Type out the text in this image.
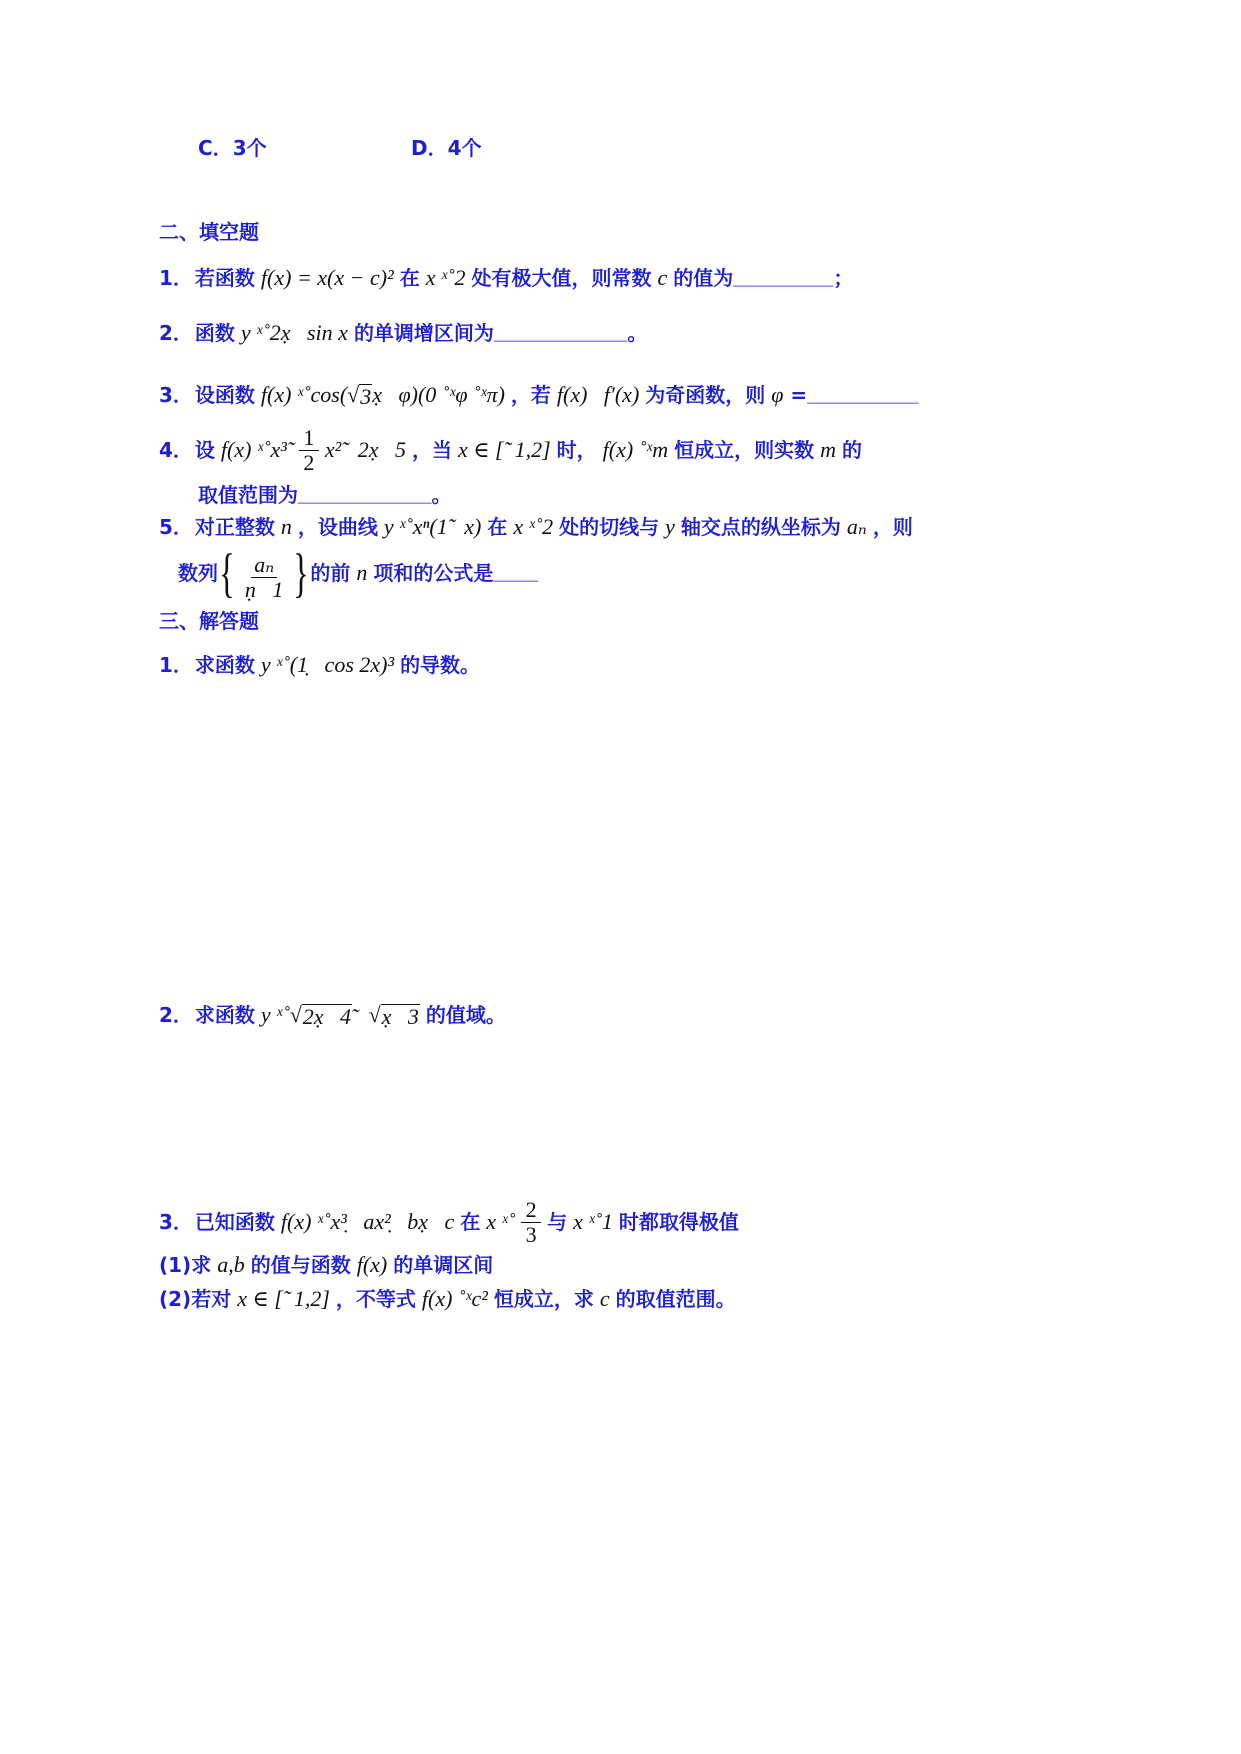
C． 3个	D． 4个
二、填空题
1． 若函数 f(x) = x(x − c)² 在 x ˣ˚2 处有极大值，则常数 c 的值为 _________ ；
2． 函数 y ˣ˚2x̣   sin x 的单调增区间为 ____________ 。
3． 设函数 f(x) ˣ˚cos(√ 3 x̣   φ)(0 ˚ˣφ ˚ˣπ) ，若 f(x)   f′(x) 为奇函数，则 φ = __________
4． 设 f(x) ˣ˚x³̃ $\frac{1}{2}$ x²̃   2x̣   5 ，当 x ∈ [̃  1,2] 时， f(x) ˚ˣm 恒成立，则实数 m 的
取值范围为 ____________ 。
5． 对正整数 n ，设曲线 y ˣ˚xⁿ(1̃   x) 在 x ˣ˚2 处的切线与 y 轴交点的纵坐标为 aₙ ，则
数列 { $\frac{\text{aₙ}}{\text{ṇ   1}}$ } 的前 n 项和的公式是 ____
三、解答题
1． 求函数 y ˣ˚(1̣   cos 2x)³ 的导数。
2． 求函数 y ˣ˚√ 2x̣   4̃ √ x̣   3 的值域。
3． 已知函数 f(x) ˣ˚x³̣   ax²̣   bx̣   c 在 x ˣ˚ $\frac{2}{3}$ 与 x ˣ˚1 时都取得极值
(1)求 a,b 的值与函数 f(x) 的单调区间
(2)若对 x ∈ [̃  1,2] ，不等式 f(x) ˚ˣc² 恒成立，求 c 的取值范围。
